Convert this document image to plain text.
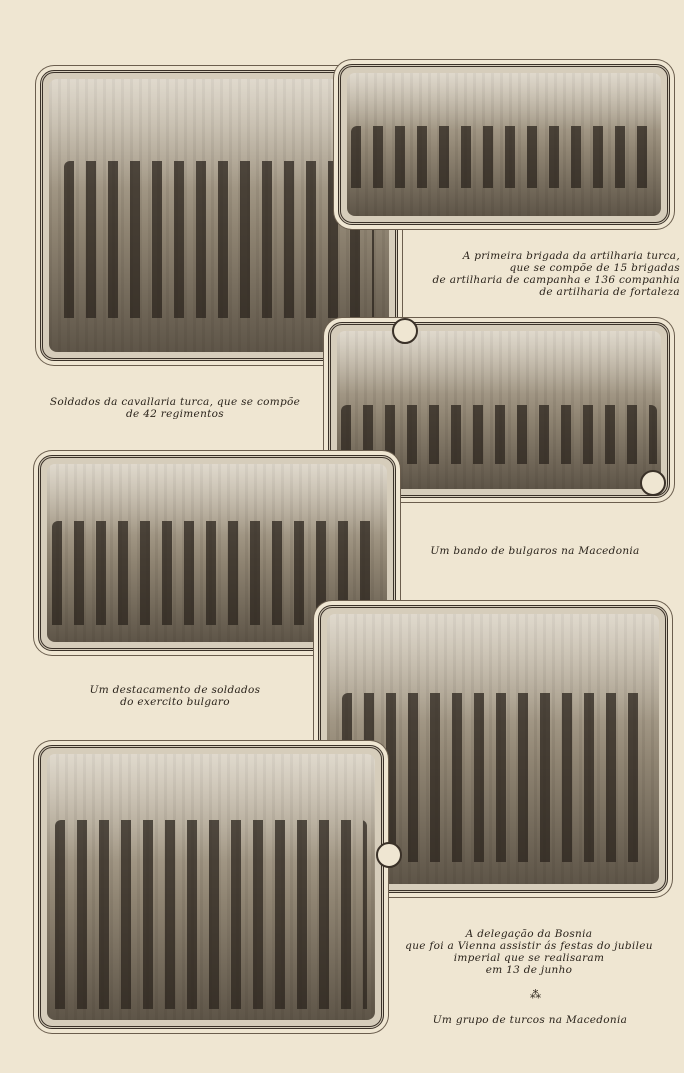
A primeira brigada da artilharia turca,
que se compõe de 15 brigadas
de artilharia de campanha e 136 companhia
de artilharia de fortaleza
Soldados da cavallaria turca, que se compõe
de 42 regimentos
Um bando de bulgaros na Macedonia
Um destacamento de soldados
do exercito bulgaro
A delegação da Bosnia
que foi a Vienna assistir ás festas do jubileu
imperial que se realisaram
em 13 de junho
⁂
Um grupo de turcos na Macedonia
